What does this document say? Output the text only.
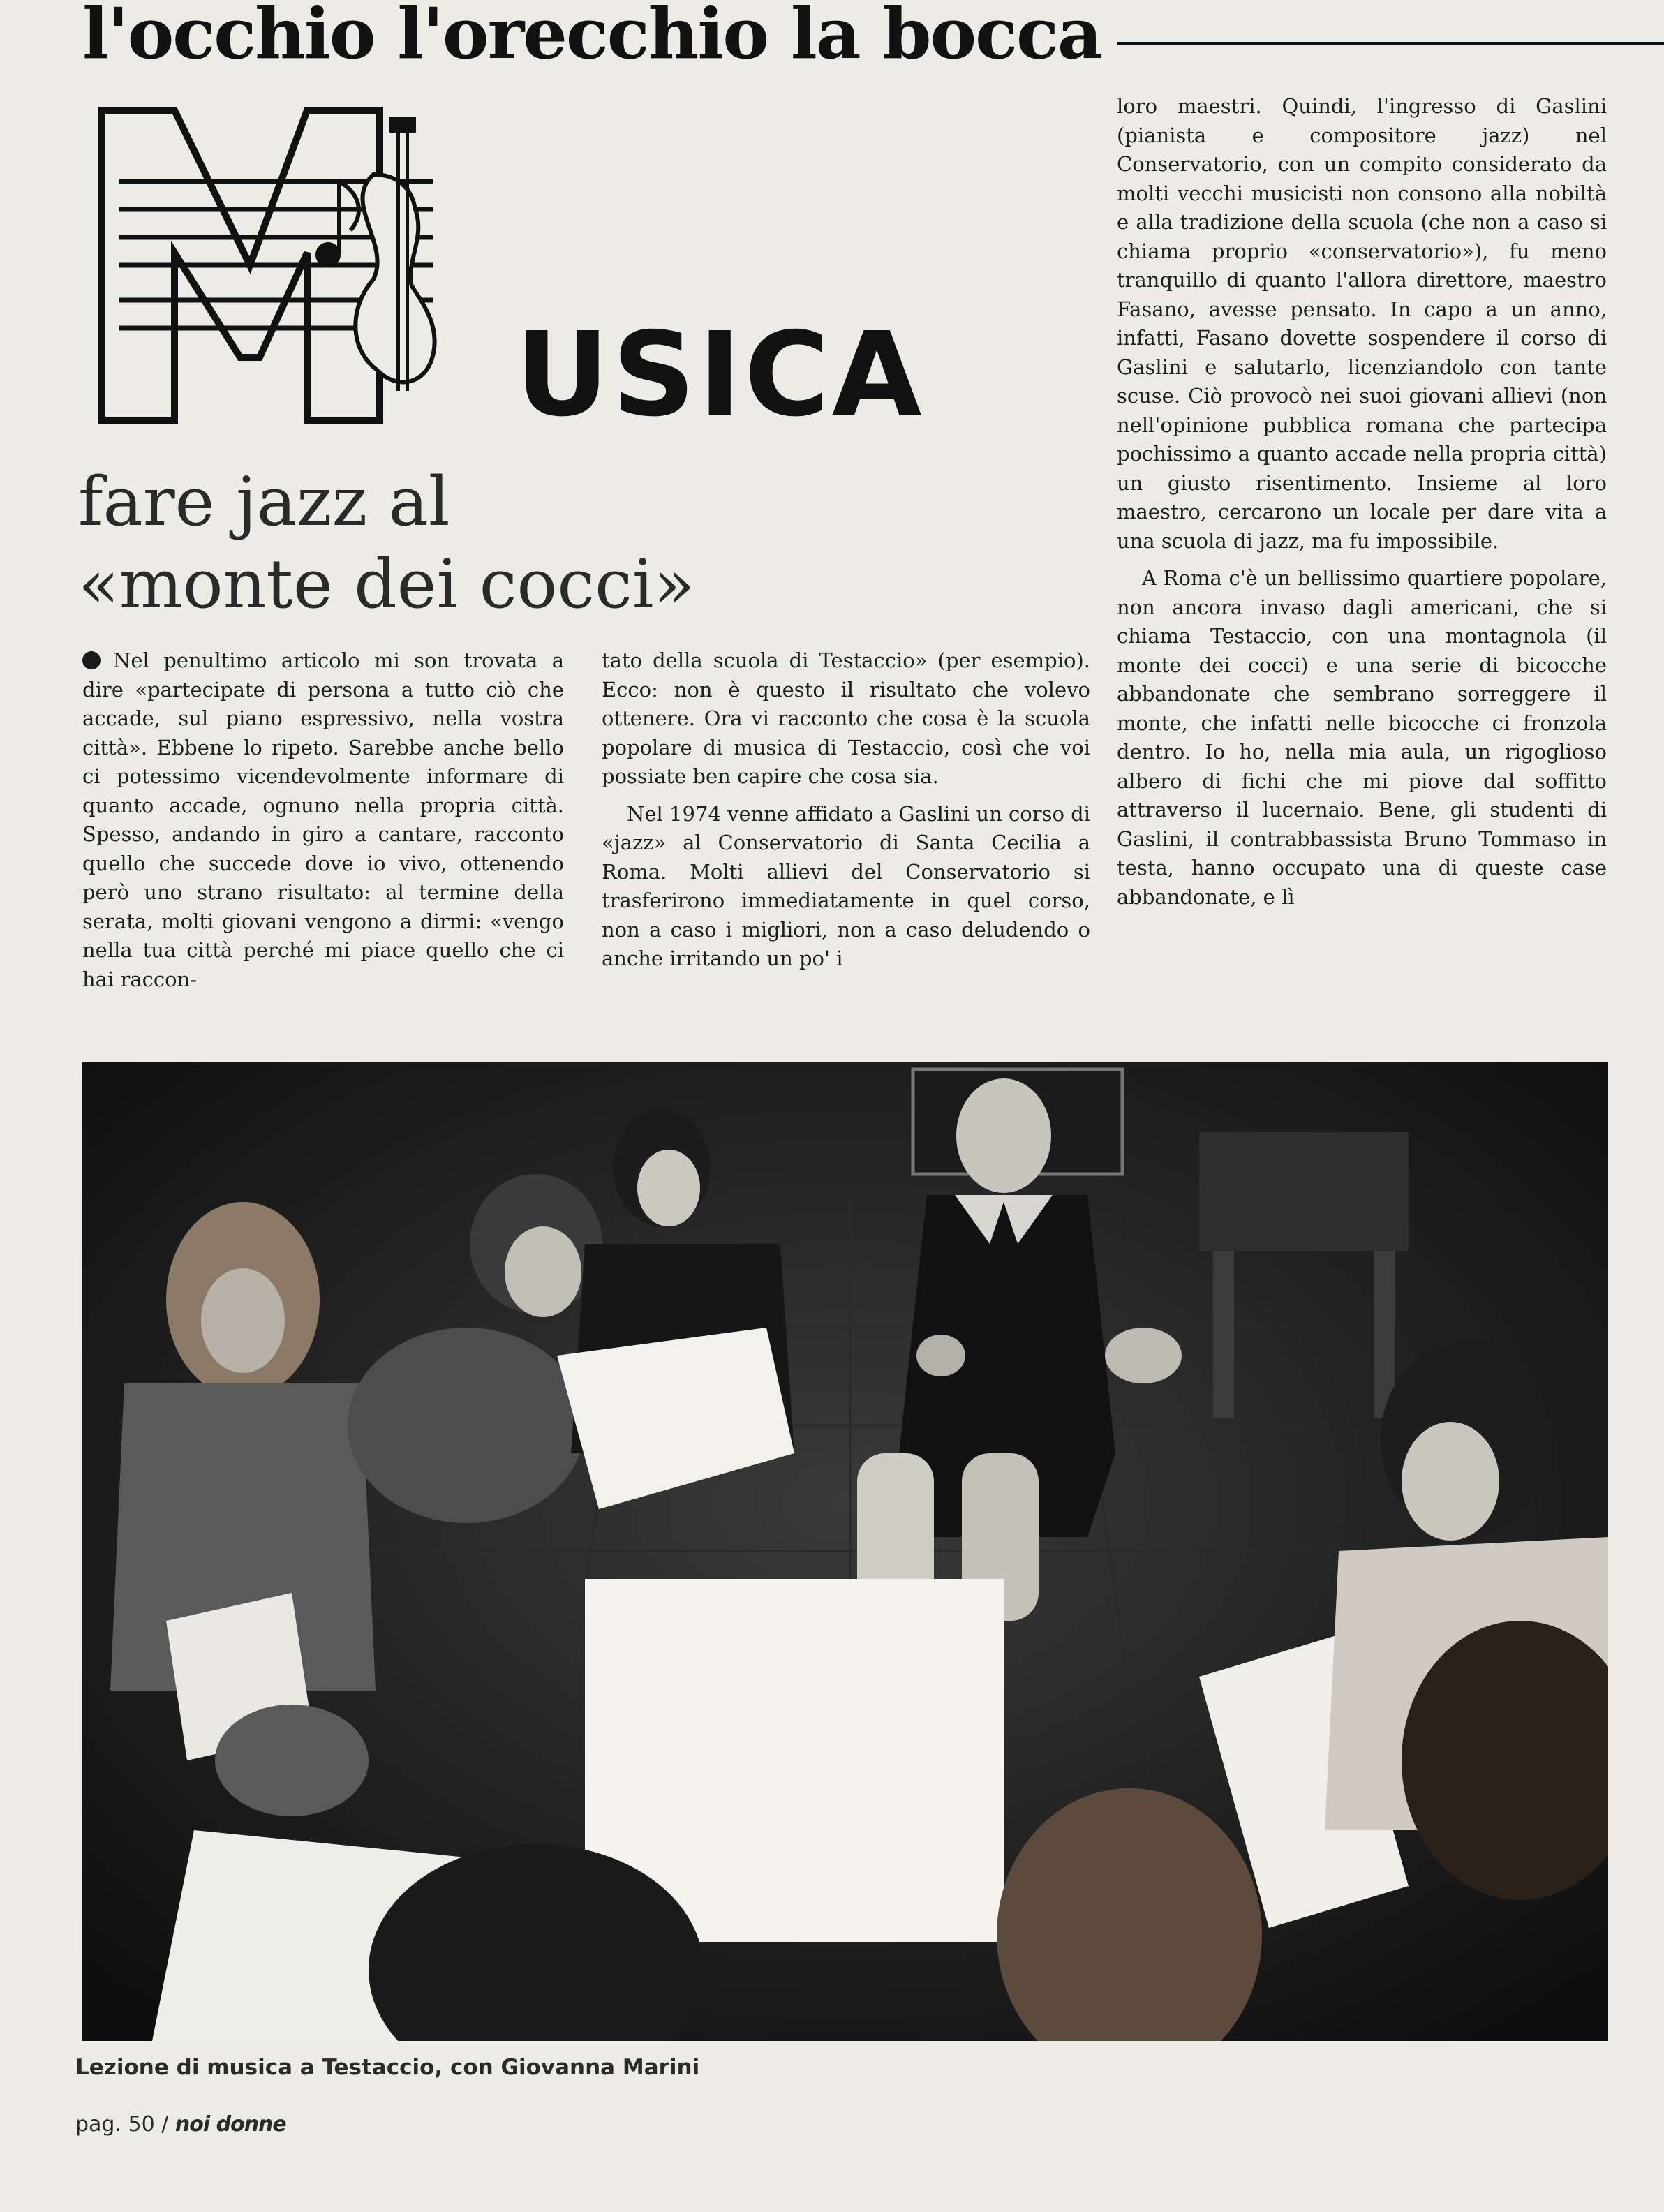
l'occhio l'orecchio la bocca
USICA
fare jazz al
«monte dei cocci»

Nel penultimo articolo mi son trovata a dire «partecipate di persona a tutto ciò che accade, sul piano espressivo, nella vostra città». Ebbene lo ripeto. Sarebbe anche bello ci potessimo vicendevolmente informare di quanto accade, ognuno nella propria città. Spesso, andando in giro a cantare, racconto quello che succede dove io vivo, ottenendo però uno strano risultato: al termine della serata, molti giovani vengono a dirmi: «vengo nella tua città perché mi piace quello che ci hai raccon-

tato della scuola di Testaccio» (per esempio). Ecco: non è questo il risultato che volevo ottenere. Ora vi racconto che cosa è la scuola popolare di musica di Testaccio, così che voi possiate ben capire che cosa sia.

Nel 1974 venne affidato a Gaslini un corso di «jazz» al Conservatorio di Santa Cecilia a Roma. Molti allievi del Conservatorio si trasferirono immediatamente in quel corso, non a caso i migliori, non a caso deludendo o anche irritando un po' i

loro maestri. Quindi, l'ingresso di Gaslini (pianista e compositore jazz) nel Conservatorio, con un compito considerato da molti vecchi musicisti non consono alla nobiltà e alla tradizione della scuola (che non a caso si chiama proprio «conservatorio»), fu meno tranquillo di quanto l'allora direttore, maestro Fasano, avesse pensato. In capo a un anno, infatti, Fasano dovette sospendere il corso di Gaslini e salutarlo, licenziandolo con tante scuse. Ciò provocò nei suoi giovani allievi (non nell'opinione pubblica romana che partecipa pochissimo a quanto accade nella propria città) un giusto risentimento. Insieme al loro maestro, cercarono un locale per dare vita a una scuola di jazz, ma fu impossibile.

A Roma c'è un bellissimo quartiere popolare, non ancora invaso dagli americani, che si chiama Testaccio, con una montagnola (il monte dei cocci) e una serie di bicocche abbandonate che sembrano sorreggere il monte, che infatti nelle bicocche ci fronzola dentro. Io ho, nella mia aula, un rigoglioso albero di fichi che mi piove dal soffitto attraverso il lucernaio. Bene, gli studenti di Gaslini, il contrabbassista Bruno Tommaso in testa, hanno occupato una di queste case abbandonate, e lì

Lezione di musica a Testaccio, con Giovanna Marini
pag. 50 / noi donne
